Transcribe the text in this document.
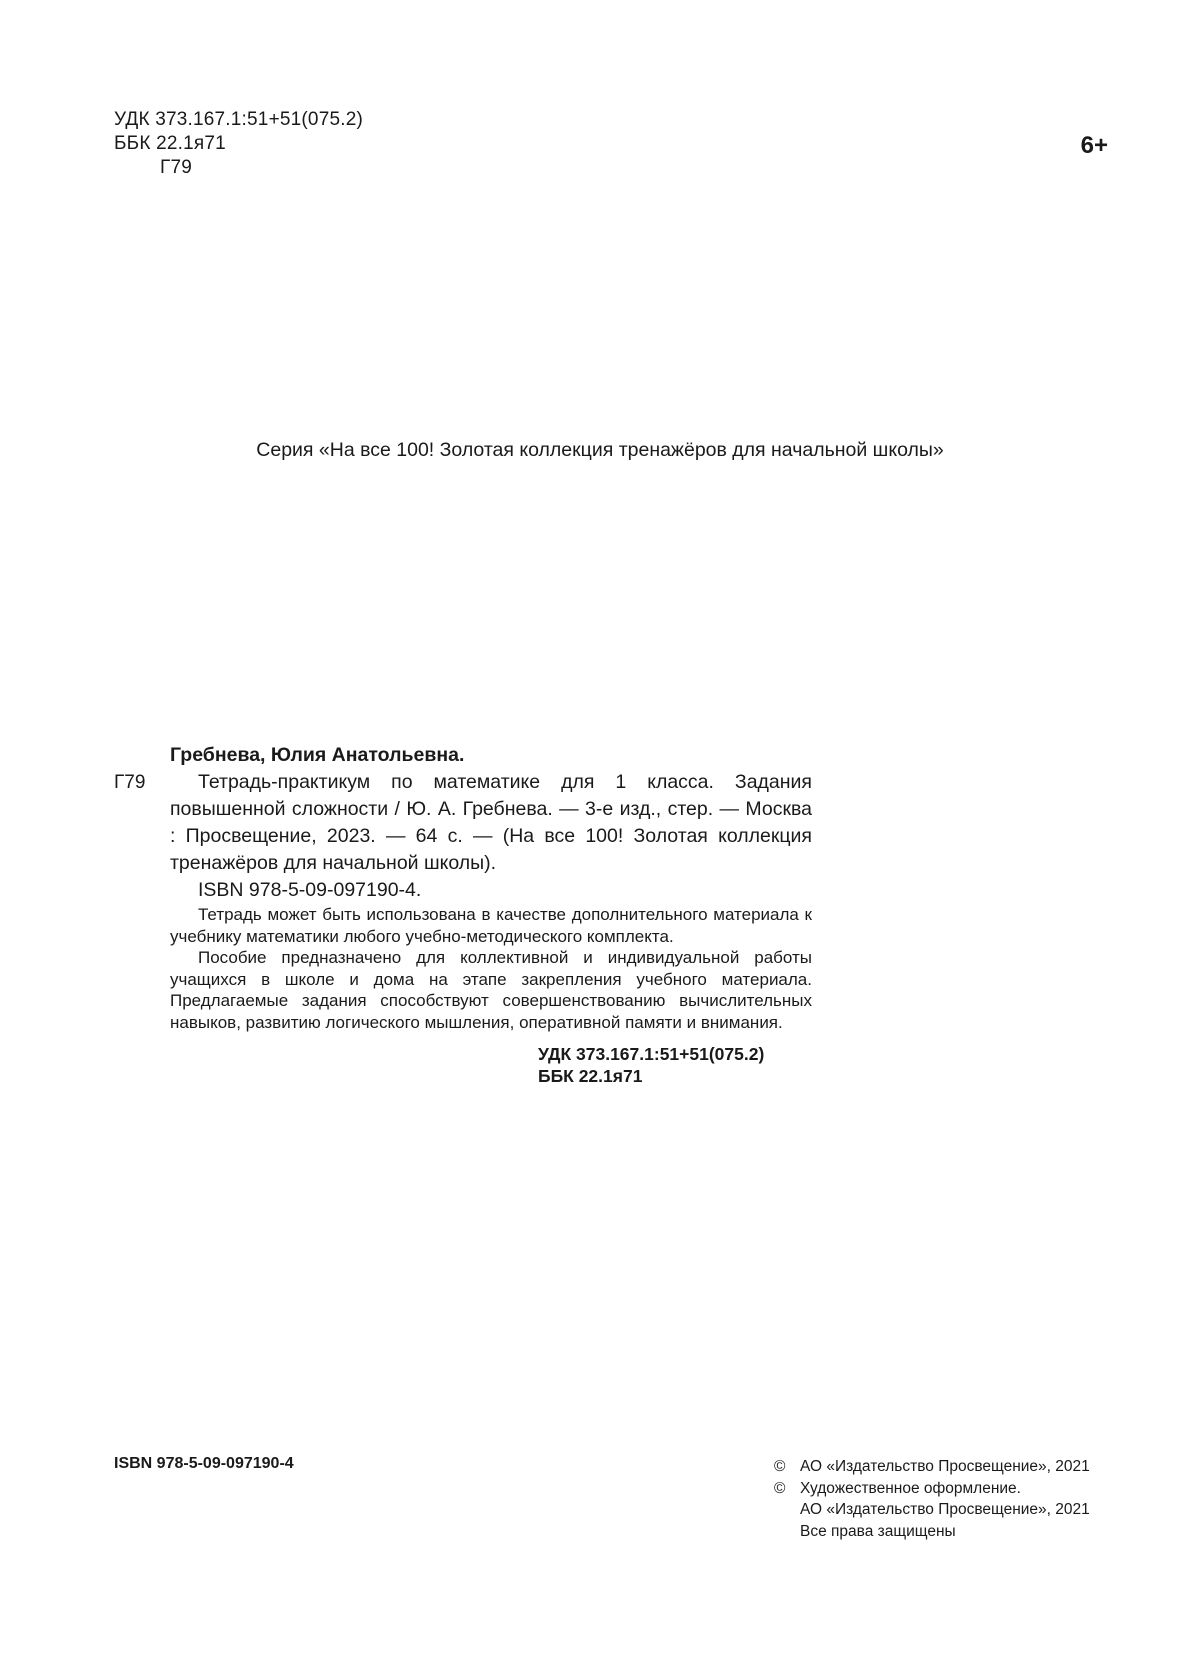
УДК 373.167.1:51+51(075.2)
ББК 22.1я71
Г79
6+
Серия «На все 100! Золотая коллекция тренажёров для начальной школы»
Гребнева, Юлия Анатольевна.
Г79	Тетрадь-практикум по математике для 1 класса. Задания повышенной сложности / Ю. А. Гребнева. — 3-е изд., стер. — Москва : Просвещение, 2023. — 64 с. — (На все 100! Золотая коллекция тренажёров для начальной школы).
ISBN 978-5-09-097190-4.

Тетрадь может быть использована в качестве дополнительного материала к учебнику математики любого учебно-методического комплекта.

Пособие предназначено для коллективной и индивидуальной работы учащихся в школе и дома на этапе закрепления учебного материала. Предлагаемые задания способствуют совершенствованию вычислительных навыков, развитию логического мышления, оперативной памяти и внимания.

УДК 373.167.1:51+51(075.2)
ББК 22.1я71
ISBN 978-5-09-097190-4	© АО «Издательство Просвещение», 2021
© Художественное оформление.
АО «Издательство Просвещение», 2021
Все права защищены
